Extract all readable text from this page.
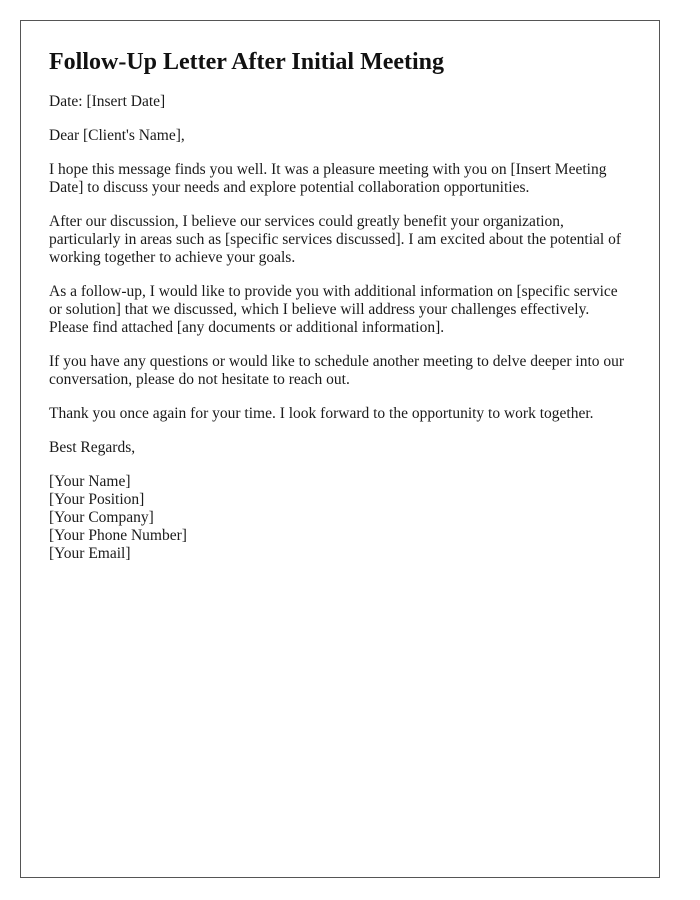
Follow-Up Letter After Initial Meeting

Date: [Insert Date]

Dear [Client's Name],

I hope this message finds you well. It was a pleasure meeting with you on [Insert Meeting Date] to discuss your needs and explore potential collaboration opportunities.

After our discussion, I believe our services could greatly benefit your organization, particularly in areas such as [specific services discussed]. I am excited about the potential of working together to achieve your goals.

As a follow-up, I would like to provide you with additional information on [specific service or solution] that we discussed, which I believe will address your challenges effectively. Please find attached [any documents or additional information].

If you have any questions or would like to schedule another meeting to delve deeper into our conversation, please do not hesitate to reach out.

Thank you once again for your time. I look forward to the opportunity to work together.

Best Regards,

[Your Name]
[Your Position]
[Your Company]
[Your Phone Number]
[Your Email]
